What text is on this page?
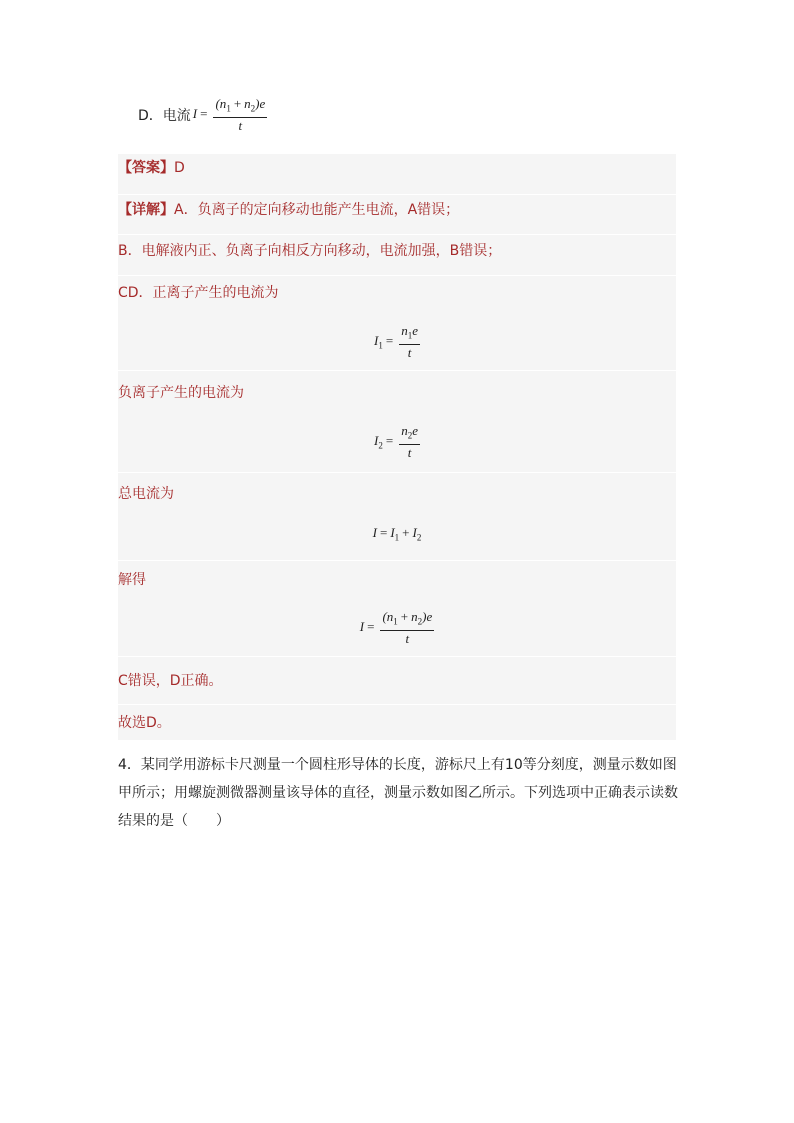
D．电流 $I = \frac{(n_1 + n_2)e}{t}$
【答案】D
【详解】A．负离子的定向移动也能产生电流，A错误；
B．电解液内正、负离子向相反方向移动，电流加强，B错误；
CD．正离子产生的电流为
$I_1 = \frac{n_1e}{t}$
负离子产生的电流为
$I_2 = \frac{n_2e}{t}$
总电流为
$I = I_1 + I_2$
解得
$I = \frac{(n_1 + n_2)e}{t}$
C错误，D正确。
故选D。
4．某同学用游标卡尺测量一个圆柱形导体的长度，游标尺上有10等分刻度，测量示数如图甲所示；用螺旋测微器测量该导体的直径，测量示数如图乙所示。下列选项中正确表示读数结果的是（　　）
